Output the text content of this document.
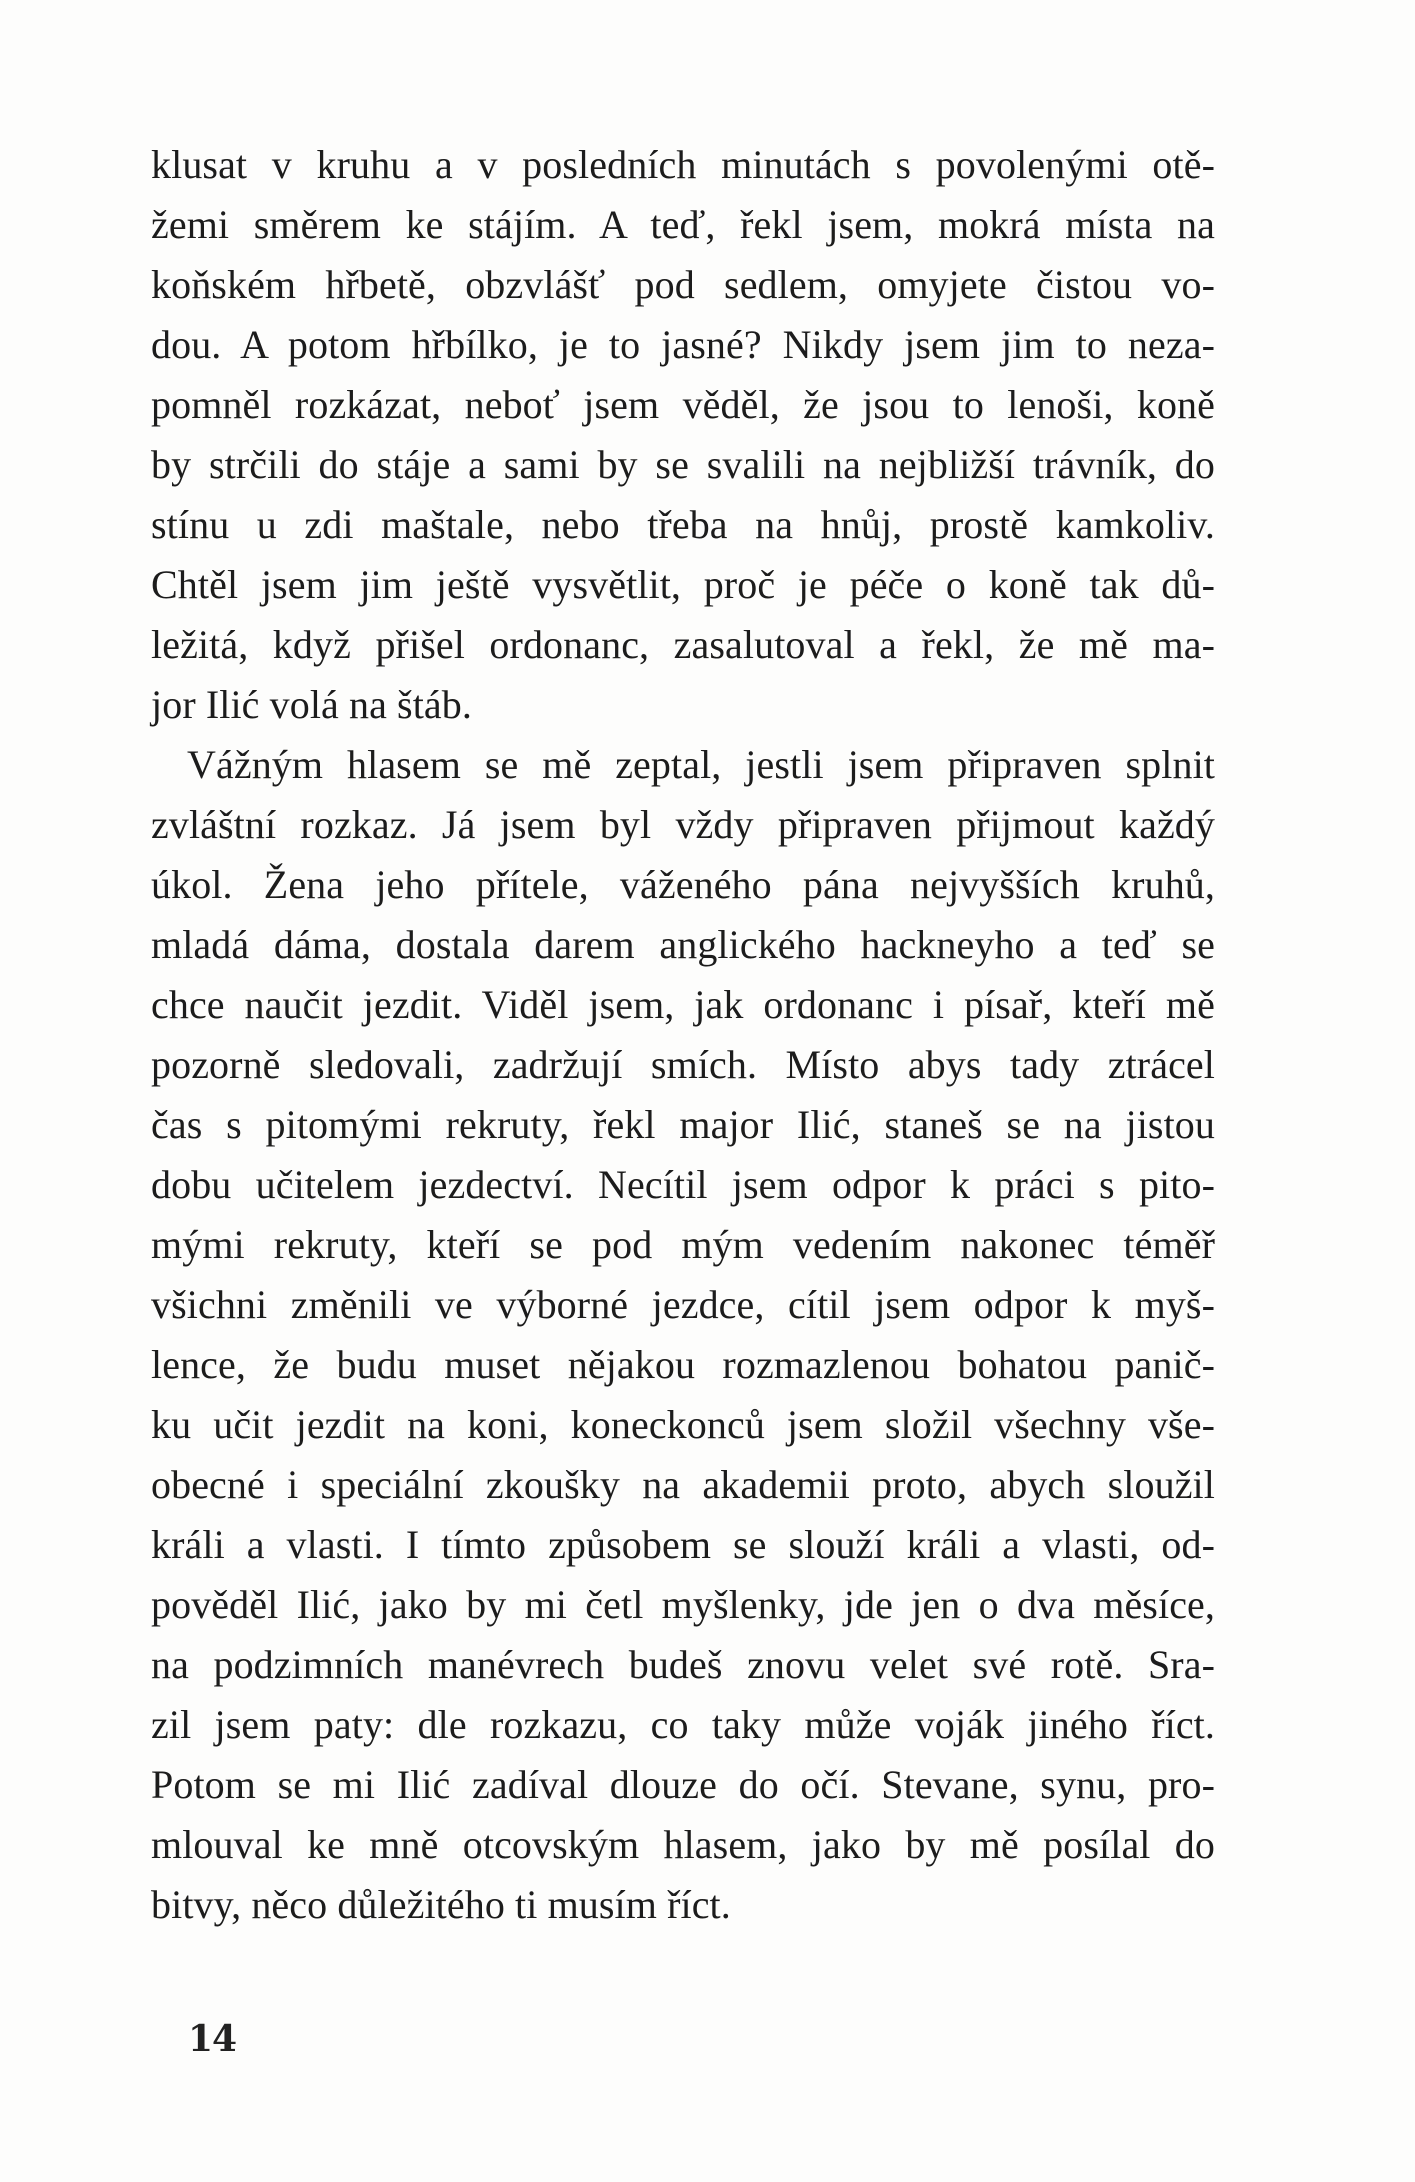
klusat v kruhu a v posledních minutách s povolenými otě-
žemi směrem ke stájím. A teď, řekl jsem, mokrá místa na
koňském hřbetě, obzvlášť pod sedlem, omyjete čistou vo-
dou. A potom hřbílko, je to jasné? Nikdy jsem jim to neza-
pomněl rozkázat, neboť jsem věděl, že jsou to lenoši, koně
by strčili do stáje a sami by se svalili na nejbližší trávník, do
stínu u zdi maštale, nebo třeba na hnůj, prostě kamkoliv.
Chtěl jsem jim ještě vysvětlit, proč je péče o koně tak dů-
ležitá, když přišel ordonanc, zasalutoval a řekl, že mě ma-
jor Ilić volá na štáb.
Vážným hlasem se mě zeptal, jestli jsem připraven splnit
zvláštní rozkaz. Já jsem byl vždy připraven přijmout každý
úkol. Žena jeho přítele, váženého pána nejvyšších kruhů,
mladá dáma, dostala darem anglického hackneyho a teď se
chce naučit jezdit. Viděl jsem, jak ordonanc i písař, kteří mě
pozorně sledovali, zadržují smích. Místo abys tady ztrácel
čas s pitomými rekruty, řekl major Ilić, staneš se na jistou
dobu učitelem jezdectví. Necítil jsem odpor k práci s pito-
mými rekruty, kteří se pod mým vedením nakonec téměř
všichni změnili ve výborné jezdce, cítil jsem odpor k myš-
lence, že budu muset nějakou rozmazlenou bohatou panič-
ku učit jezdit na koni, koneckonců jsem složil všechny vše-
obecné i speciální zkoušky na akademii proto, abych sloužil
králi a vlasti. I tímto způsobem se slouží králi a vlasti, od-
pověděl Ilić, jako by mi četl myšlenky, jde jen o dva měsíce,
na podzimních manévrech budeš znovu velet své rotě. Sra-
zil jsem paty: dle rozkazu, co taky může voják jiného říct.
Potom se mi Ilić zadíval dlouze do očí. Stevane, synu, pro-
mlouval ke mně otcovským hlasem, jako by mě posílal do
bitvy, něco důležitého ti musím říct.
14
